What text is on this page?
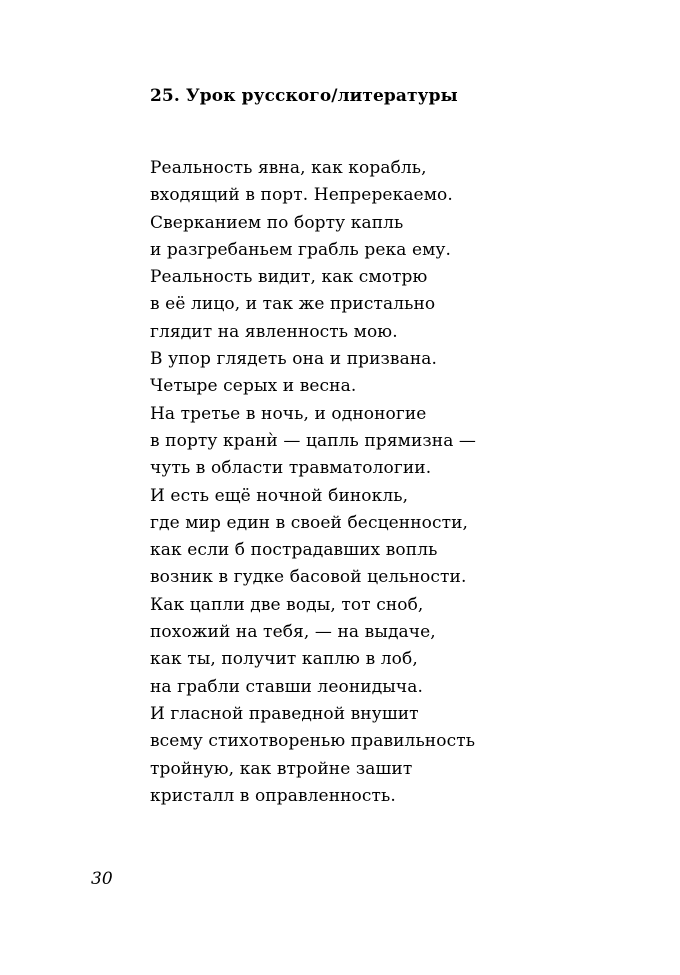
25. Урок русского/литературы
Реальность явна, как корабль,
входящий в порт. Непререкаемо.
Сверканием по борту капль
и разгребаньем грабль река ему.
Реальность видит, как смотрю
в её лицо, и так же пристально
глядит на явленность мою.
В упор глядеть она и призвана.
Четыре серых и весна.
На третье в ночь, и одноногие
в порту кранѝ — цапль прямизна —
чуть в области травматологии.
И есть ещё ночной бинокль,
где мир един в своей бесценности,
как если б пострадавших вопль
возник в гудке басовой цельности.
Как цапли две воды, тот сноб,
похожий на тебя, — на выдаче,
как ты, получит каплю в лоб,
на грабли ставши леонидыча.
И гласной праведной внушит
всему стихотворенью правильность
тройную, как втройне зашит
кристалл в оправленность.
30
